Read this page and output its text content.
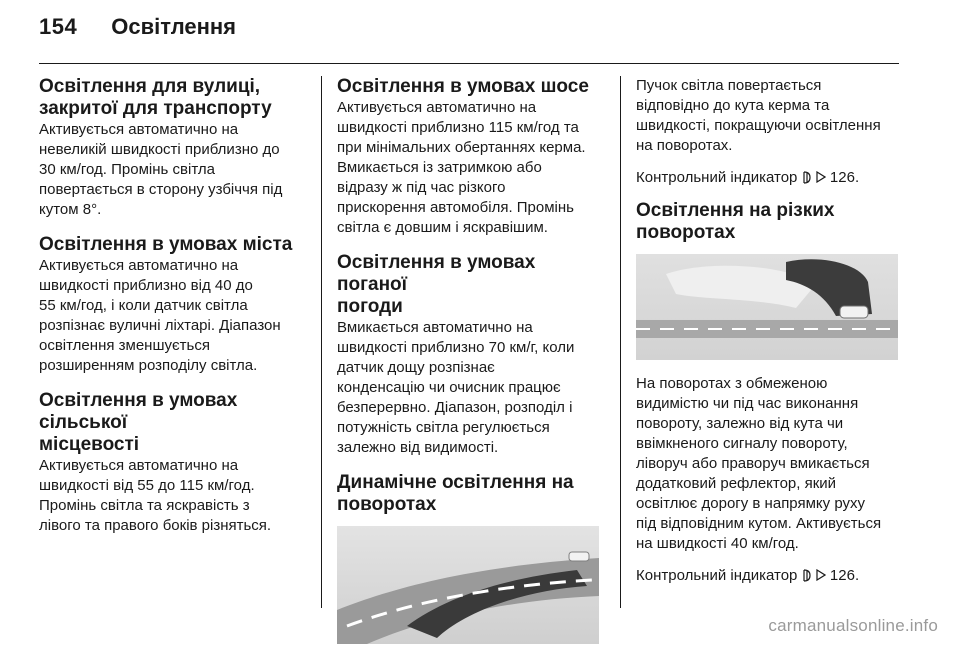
154 Освітлення
Освітлення для вулиці,
закритої для транспорту

Активується автоматично на
невеликій швидкості приблизно до
30 км/год. Промінь світла
повертається в сторону узбіччя під
кутом 8°.

Освітлення в умовах міста

Активується автоматично на
швидкості приблизно від 40 до
55 км/год, і коли датчик світла
розпізнає вуличні ліхтарі. Діапазон
освітлення зменшується
розширенням розподілу світла.

Освітлення в умовах сільської
місцевості

Активується автоматично на
швидкості від 55 до 115 км/год.
Промінь світла та яскравість з
лівого та правого боків різняться.

Освітлення в умовах шосе

Активується автоматично на
швидкості приблизно 115 км/год та
при мінімальних обертаннях керма.
Вмикається із затримкою або
відразу ж під час різкого
прискорення автомобіля. Промінь
світла є довшим і яскравішим.

Освітлення в умовах поганої
погоди

Вмикається автоматично на
швидкості приблизно 70 км/г, коли
датчик дощу розпізнає
конденсацію чи очисник працює
безперервно. Діапазон, розподіл і
потужність світла регулюється
залежно від видимості.

Динамічне освітлення на
поворотах

Пучок світла повертається
відповідно до кута керма та
швидкості, покращуючи освітлення
на поворотах.

Контрольний індикатор   126.

Освітлення на різких
поворотах

На поворотах з обмеженою
видимістю чи під час виконання
повороту, залежно від кута чи
ввімкненого сигналу повороту,
ліворуч або праворуч вмикається
додатковий рефлектор, який
освітлює дорогу в напрямку руху
під відповідним кутом. Активується
на швидкості 40 км/год.

Контрольний індикатор   126.

carmanualsonline.info
